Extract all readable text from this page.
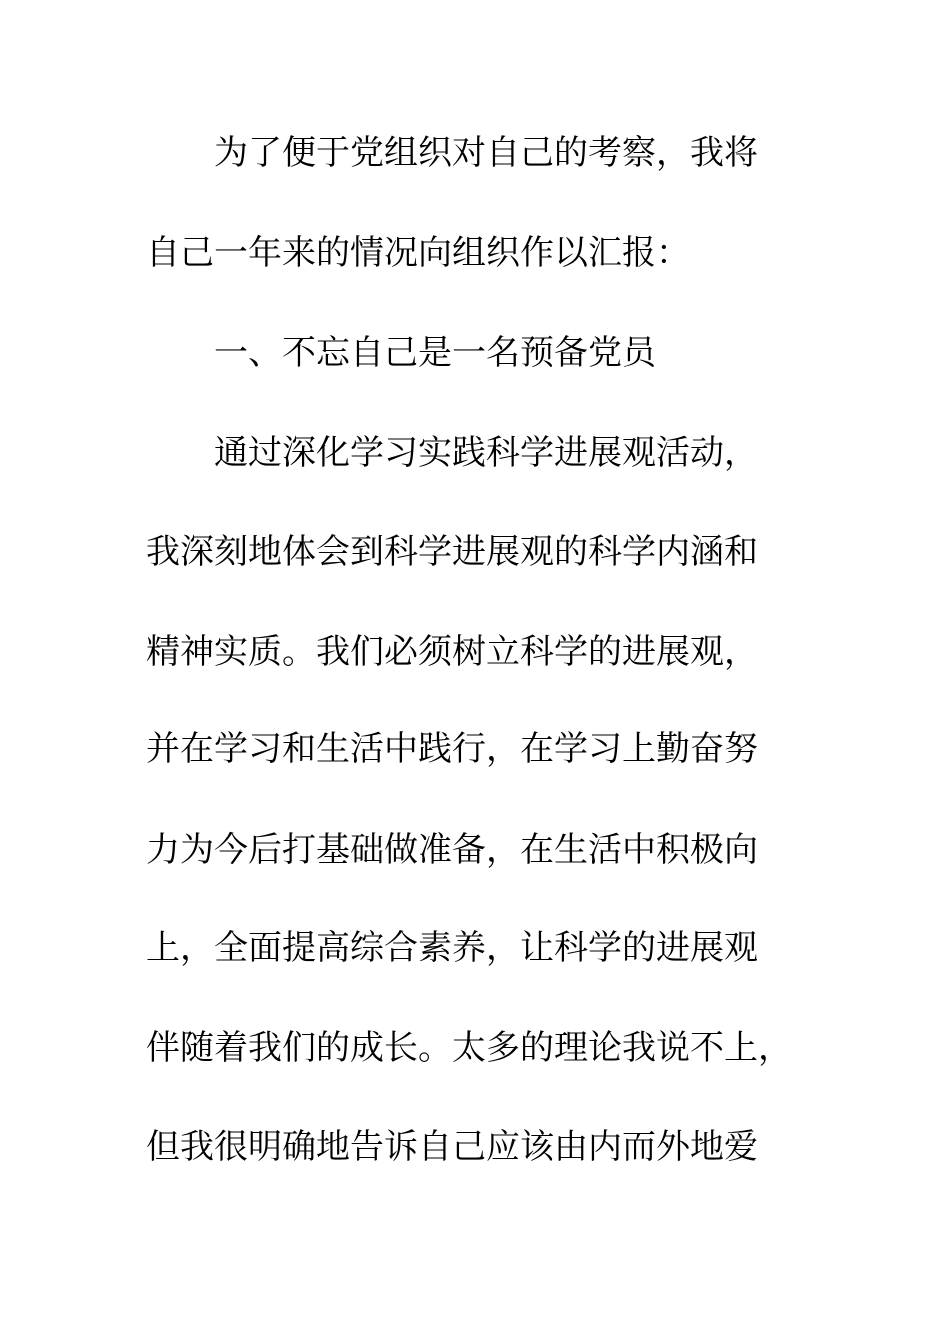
为了便于党组织对自己的考察，我将
自己一年来的情况向组织作以汇报：
一、不忘自己是一名预备党员
通过深化学习实践科学进展观活动，
我深刻地体会到科学进展观的科学内涵和
精神实质。我们必须树立科学的进展观，
并在学习和生活中践行，在学习上勤奋努
力为今后打基础做准备，在生活中积极向
上，全面提高综合素养，让科学的进展观
伴随着我们的成长。太多的理论我说不上，
但我很明确地告诉自己应该由内而外地爱
